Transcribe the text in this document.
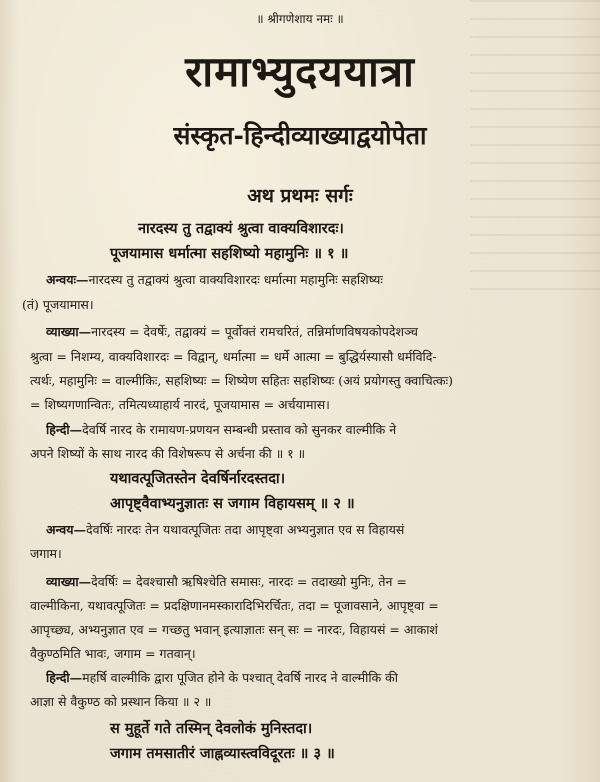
॥ श्रीगणेशाय नमः ॥
रामाभ्युदययात्रा
संस्कृत-हिन्दीव्याख्याद्वयोपेता
अथ प्रथमः सर्गः
नारदस्य तु तद्वाक्यं श्रुत्वा वाक्यविशारदः।
पूजयामास धर्मात्मा सहशिष्यो महामुनिः ॥ १ ॥
अन्वयः—नारदस्य तु तद्वाक्यं श्रुत्वा वाक्यविशारदः धर्मात्मा महामुनिः सहशिष्यः
(तं) पूजयामास।
व्याख्या—नारदस्य = देवर्षेः, तद्वाक्यं = पूर्वोक्तं रामचरितं, तन्निर्माणविषयकोपदेशञ्च
श्रुत्वा = निशम्य, वाक्यविशारदः = विद्वान्, धर्मात्मा = धर्मे आत्मा = बुद्धिर्यस्यासौ धर्मविदि-
त्यर्थः, महामुनिः = वाल्मीकिः, सहशिष्यः = शिष्येण सहितः सहशिष्यः (अयं प्रयोगस्तु क्वाचित्कः)
= शिष्यगणान्वितः, तमित्यध्याहार्य नारदं, पूजयामास = अर्चयामास।
हिन्दी—देवर्षि नारद के रामायण-प्रणयन सम्बन्धी प्रस्ताव को सुनकर वाल्मीकि ने
अपने शिष्यों के साथ नारद की विशेषरूप से अर्चना की ॥ १ ॥
यथावत्पूजितस्तेन देवर्षिर्नारदस्तदा।
आपृष्ट्वैवाभ्यनुज्ञातः स जगाम विहायसम् ॥ २ ॥
अन्वय—देवर्षिः नारदः तेन यथावत्पूजितः तदा आपृष्ट्वा अभ्यनुज्ञात एव स विहायसं
जगाम।
व्याख्या—देवर्षिः = देवश्चासौ ऋषिश्चेति समासः, नारदः = तदाख्यो मुनिः, तेन =
वाल्मीकिना, यथावत्पूजितः = प्रदक्षिणानमस्कारादिभिरर्चितः, तदा = पूजावसाने, आपृष्ट्वा =
आपृच्छ्य, अभ्यनुज्ञात एव = गच्छतु भवान् इत्याज्ञातः सन् सः = नारदः, विहायसं = आकाशं
वैकुण्ठमिति भावः, जगाम = गतवान्।
हिन्दी—महर्षि वाल्मीकि द्वारा पूजित होने के पश्चात् देवर्षि नारद ने वाल्मीकि की
आज्ञा से वैकुण्ठ को प्रस्थान किया ॥ २ ॥
स मुहूर्ते गते तस्मिन् देवलोकं मुनिस्तदा।
जगाम तमसातीरं जाह्नव्यास्त्वविदूरतः ॥ ३ ॥
